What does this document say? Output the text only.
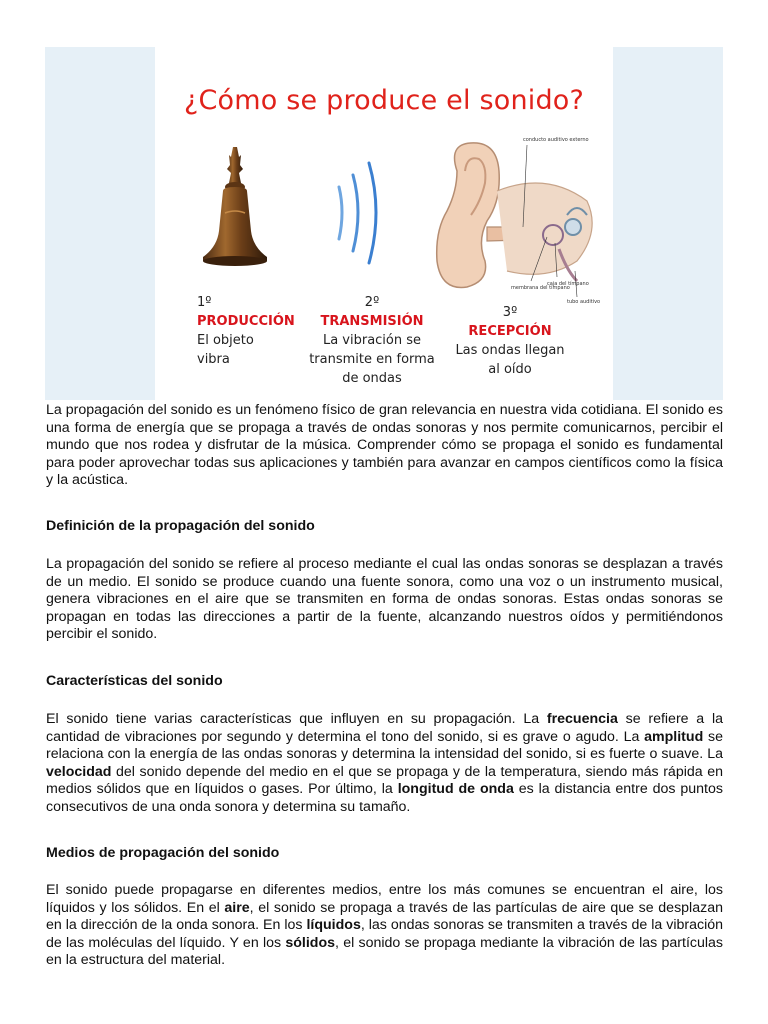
¿Cómo se produce el sonido?
conducto auditivo externo
membrana del tímpano
caja del tímpano
tubo auditivo
1º
PRODUCCIÓN
El objeto
vibra
2º
TRANSMISIÓN
La vibración se
transmite en forma
de ondas
3º
RECEPCIÓN
Las ondas llegan
al oído

La propagación del sonido es un fenómeno físico de gran relevancia en nuestra vida cotidiana. El sonido es una forma de energía que se propaga a través de ondas sonoras y nos permite comunicarnos, percibir el mundo que nos rodea y disfrutar de la música. Comprender cómo se propaga el sonido es fundamental para poder aprovechar todas sus aplicaciones y también para avanzar en campos científicos como la física y la acústica.

Definición de la propagación del sonido

La propagación del sonido se refiere al proceso mediante el cual las ondas sonoras se desplazan a través de un medio. El sonido se produce cuando una fuente sonora, como una voz o un instrumento musical, genera vibraciones en el aire que se transmiten en forma de ondas sonoras. Estas ondas sonoras se propagan en todas las direcciones a partir de la fuente, alcanzando nuestros oídos y permitiéndonos percibir el sonido.

Características del sonido

El sonido tiene varias características que influyen en su propagación. La frecuencia se refiere a la cantidad de vibraciones por segundo y determina el tono del sonido, si es grave o agudo. La amplitud se relaciona con la energía de las ondas sonoras y determina la intensidad del sonido, si es fuerte o suave. La velocidad del sonido depende del medio en el que se propaga y de la temperatura, siendo más rápida en medios sólidos que en líquidos o gases. Por último, la longitud de onda es la distancia entre dos puntos consecutivos de una onda sonora y determina su tamaño.

Medios de propagación del sonido

El sonido puede propagarse en diferentes medios, entre los más comunes se encuentran el aire, los líquidos y los sólidos. En el aire, el sonido se propaga a través de las partículas de aire que se desplazan en la dirección de la onda sonora. En los líquidos, las ondas sonoras se transmiten a través de la vibración de las moléculas del líquido. Y en los sólidos, el sonido se propaga mediante la vibración de las partículas en la estructura del material.
